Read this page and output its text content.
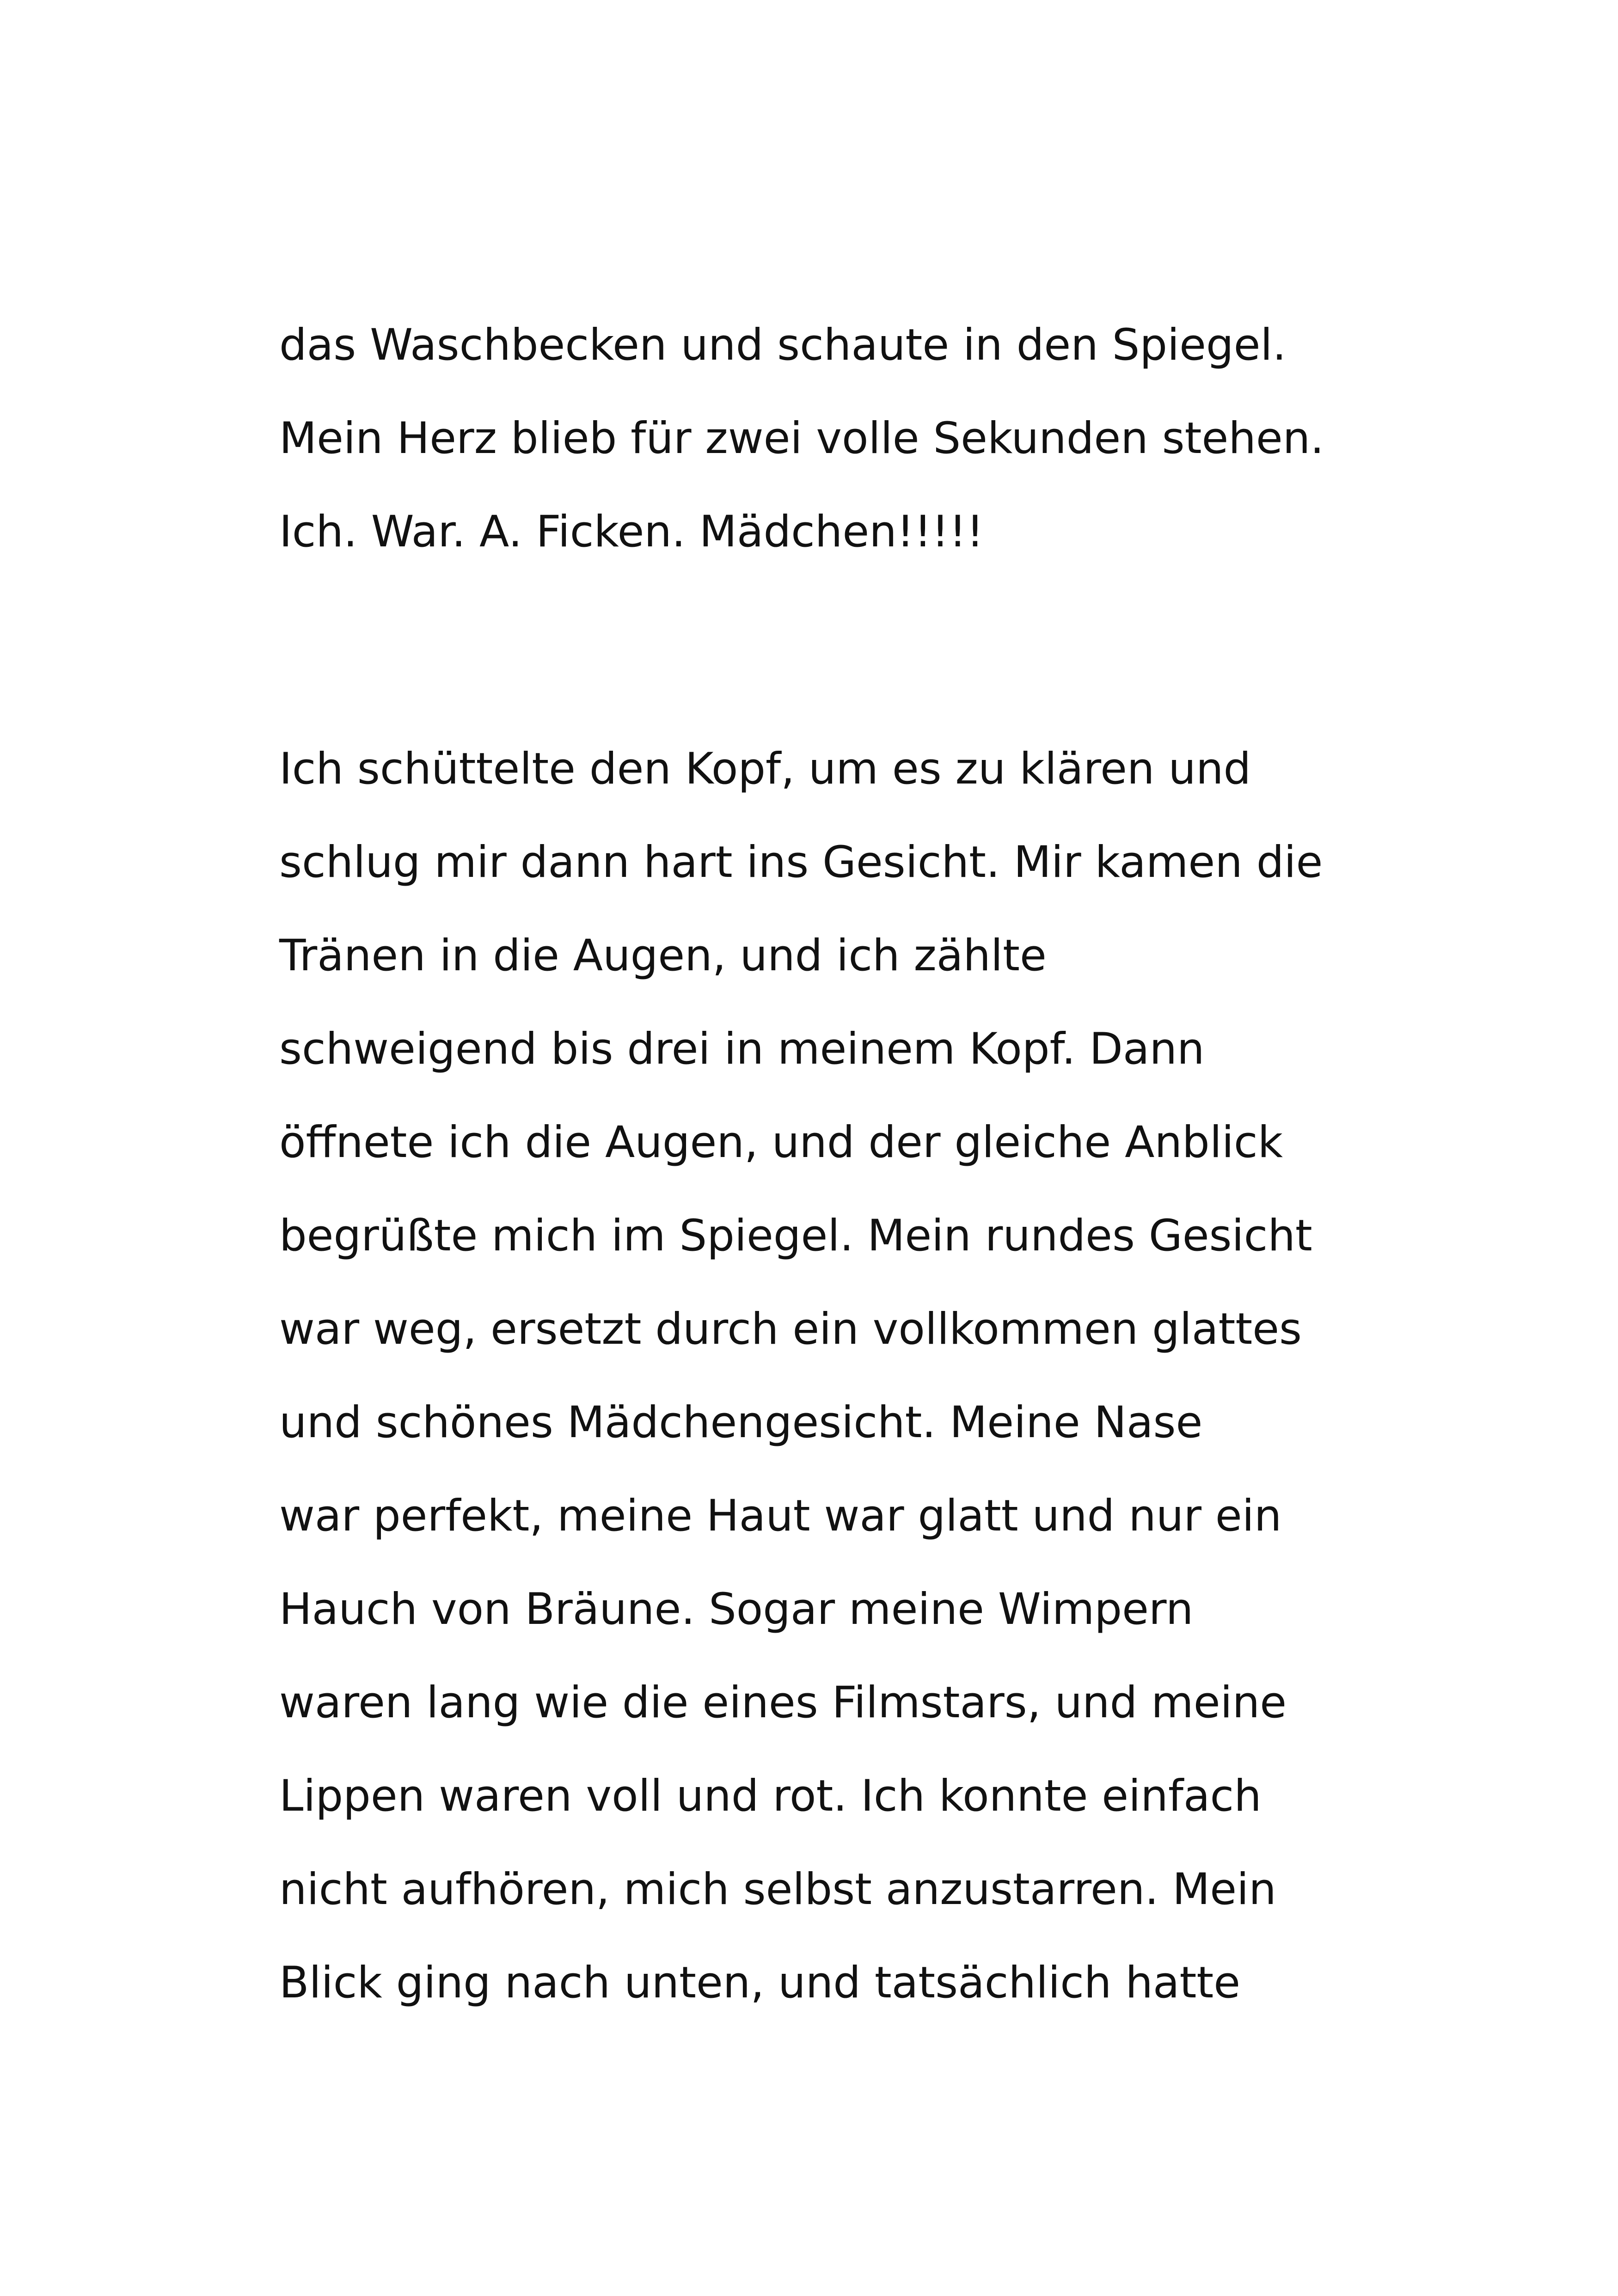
das Waschbecken und schaute in den Spiegel.

Mein Herz blieb für zwei volle Sekunden stehen.

Ich. War. A. Ficken. Mädchen!!!!!

Ich schüttelte den Kopf, um es zu klären und

schlug mir dann hart ins Gesicht. Mir kamen die

Tränen in die Augen, und ich zählte

schweigend bis drei in meinem Kopf. Dann

öffnete ich die Augen, und der gleiche Anblick

begrüßte mich im Spiegel. Mein rundes Gesicht

war weg, ersetzt durch ein vollkommen glattes

und schönes Mädchengesicht. Meine Nase

war perfekt, meine Haut war glatt und nur ein

Hauch von Bräune. Sogar meine Wimpern

waren lang wie die eines Filmstars, und meine

Lippen waren voll und rot. Ich konnte einfach

nicht aufhören, mich selbst anzustarren. Mein

Blick ging nach unten, und tatsächlich hatte
